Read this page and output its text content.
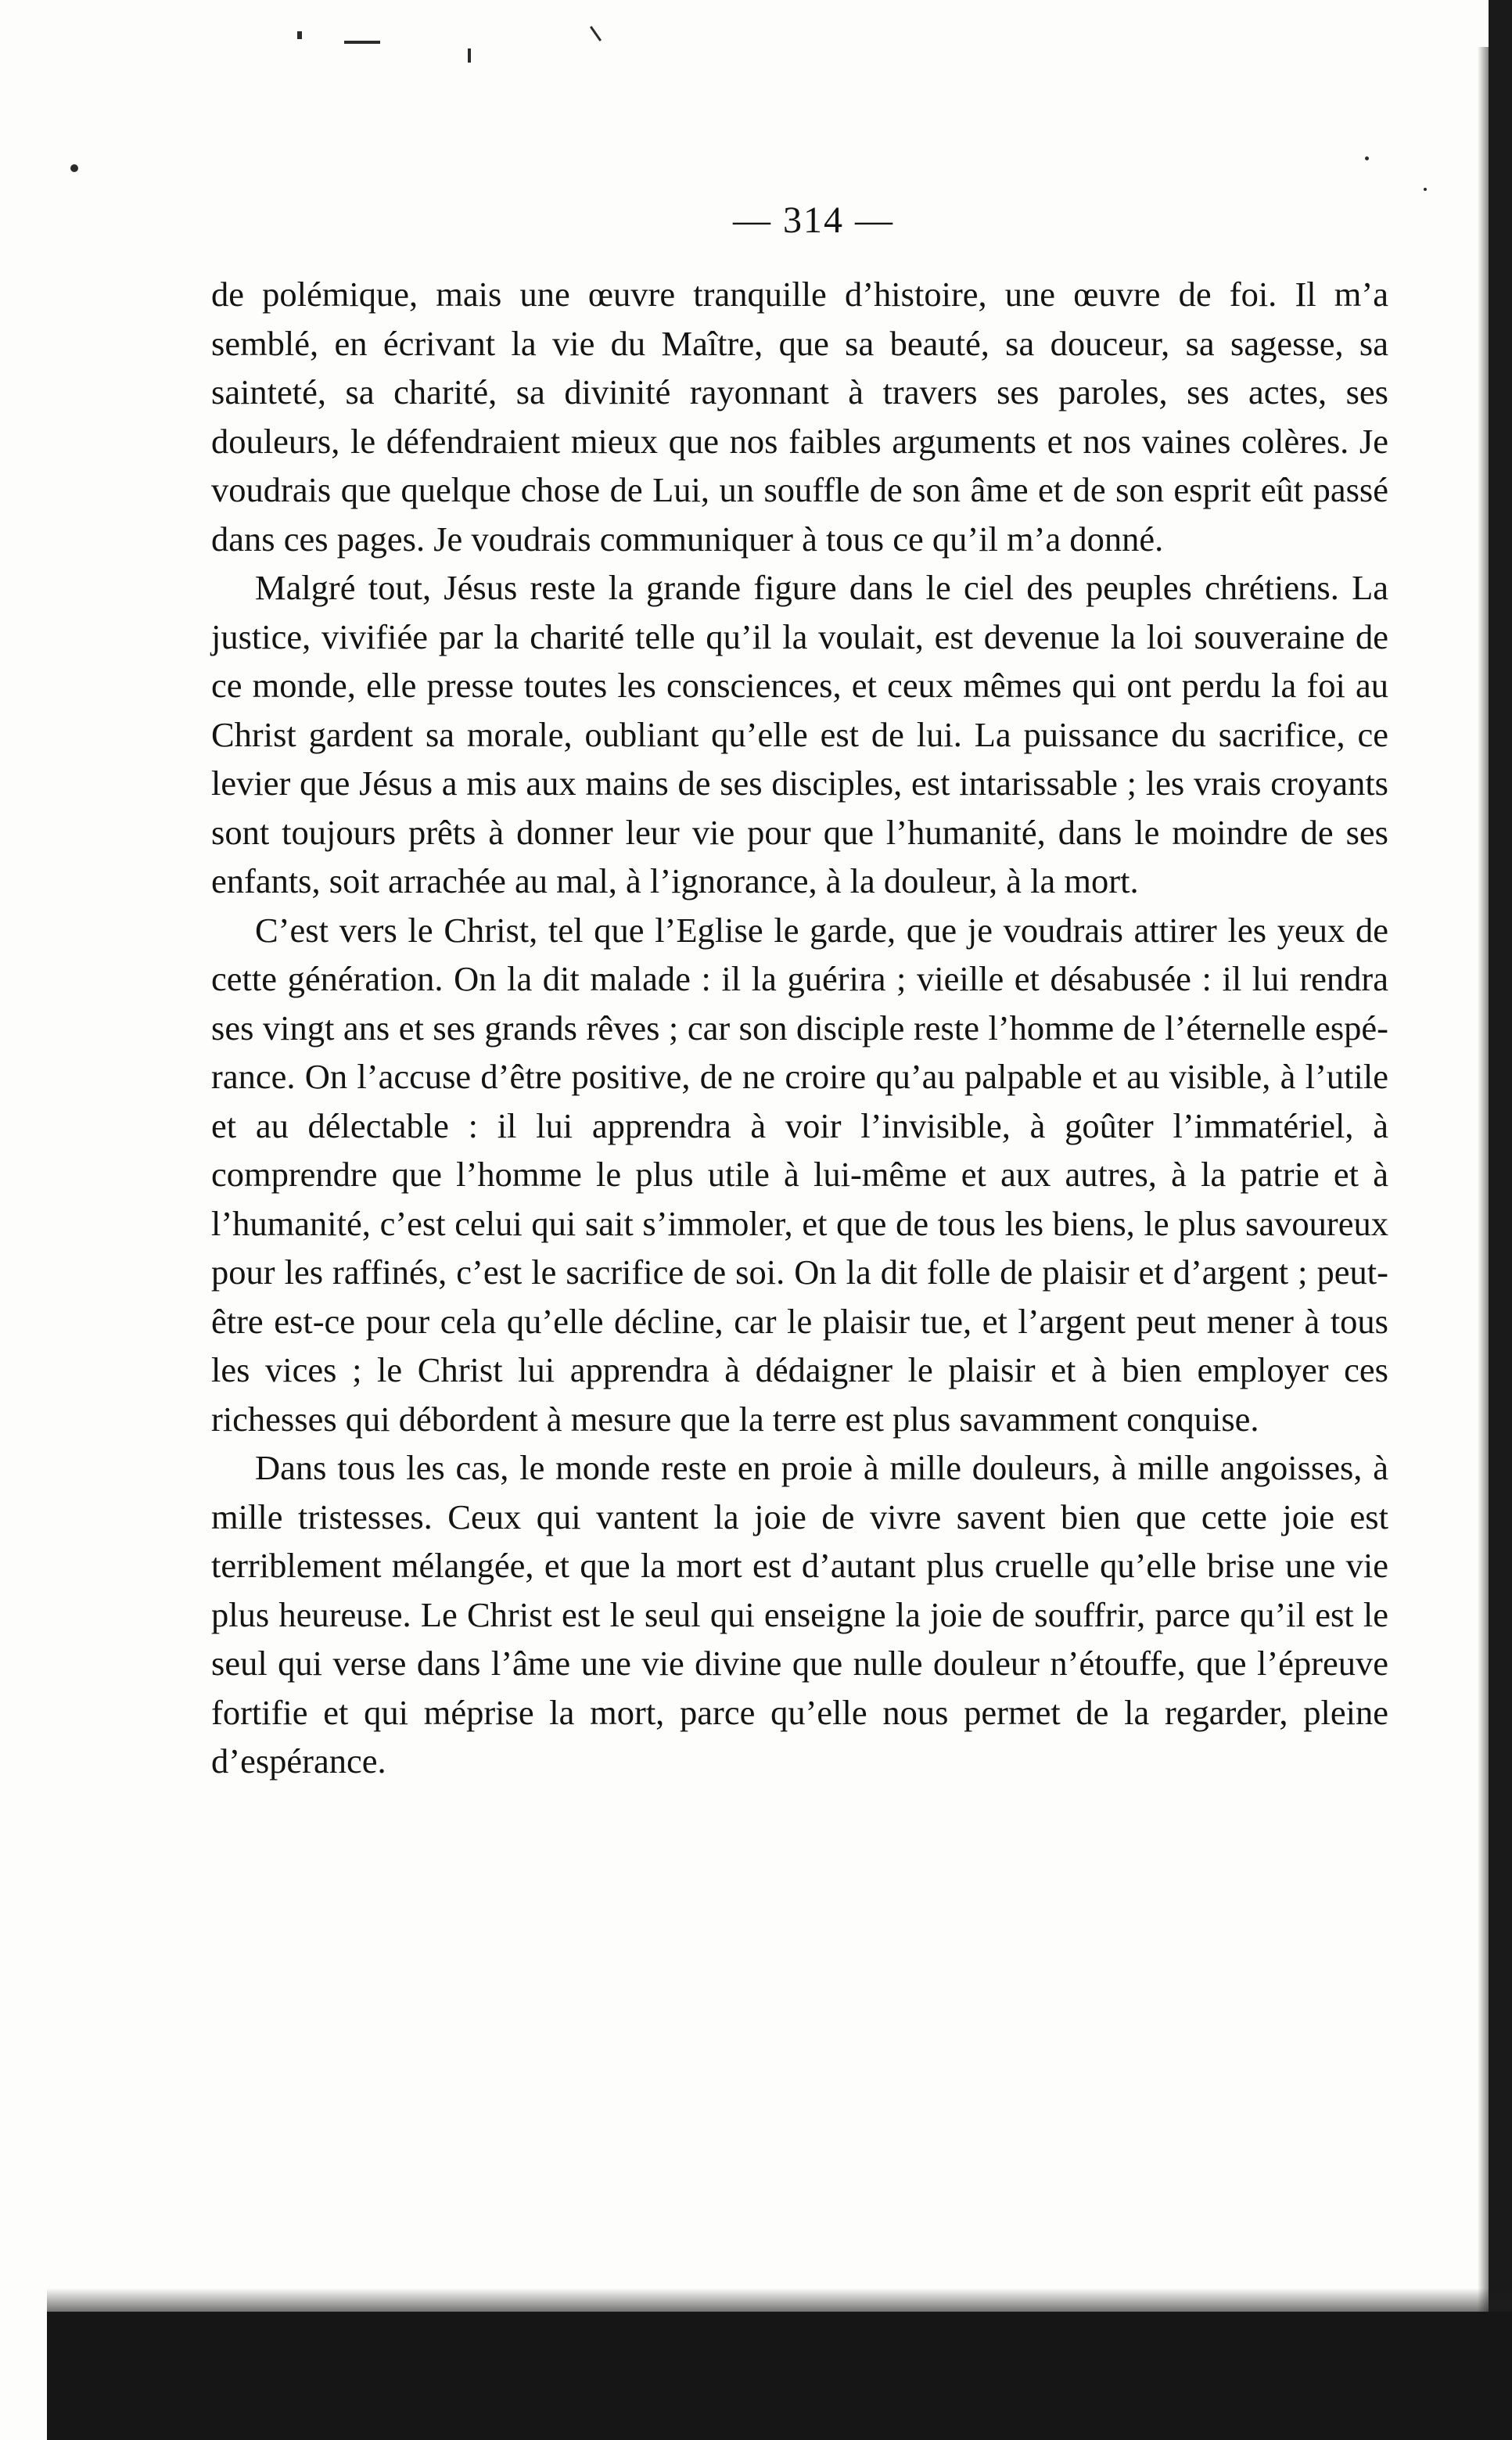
— 314 —

de polémique, mais une œuvre tranquille d’histoire, une œuvre de foi. Il m’a semblé, en écrivant la vie du Maître, que sa beauté, sa douceur, sa sagesse, sa sainteté, sa charité, sa divinité rayonnant à travers ses paroles, ses actes, ses douleurs, le défendraient mieux que nos faibles arguments et nos vaines colères. Je voudrais que quelque chose de Lui, un souffle de son âme et de son esprit eût passé dans ces pages. Je voudrais communiquer à tous ce qu’il m’a donné.

Malgré tout, Jésus reste la grande figure dans le ciel des peuples chrétiens. La justice, vivifiée par la charité telle qu’il la voulait, est devenue la loi souveraine de ce monde, elle presse toutes les consciences, et ceux mêmes qui ont perdu la foi au Christ gardent sa morale, oubliant qu’elle est de lui. La puissance du sacrifice, ce levier que Jésus a mis aux mains de ses disciples, est intarissable ; les vrais croyants sont toujours prêts à donner leur vie pour que l’humanité, dans le moindre de ses enfants, soit arrachée au mal, à l’ignorance, à la douleur, à la mort.

C’est vers le Christ, tel que l’Eglise le garde, que je voudrais attirer les yeux de cette génération. On la dit malade : il la guérira ; vieille et désabusée : il lui rendra ses vingt ans et ses grands rêves ; car son disciple reste l’homme de l’éternelle espérance. On l’accuse d’être positive, de ne croire qu’au palpable et au visible, à l’utile et au délectable : il lui apprendra à voir l’invisible, à goûter l’immatériel, à comprendre que l’homme le plus utile à lui-même et aux autres, à la patrie et à l’humanité, c’est celui qui sait s’immoler, et que de tous les biens, le plus savoureux pour les raffinés, c’est le sacrifice de soi. On la dit folle de plaisir et d’argent ; peut-être est-ce pour cela qu’elle décline, car le plaisir tue, et l’argent peut mener à tous les vices ; le Christ lui apprendra à dédaigner le plaisir et à bien employer ces richesses qui débordent à mesure que la terre est plus savamment conquise.

Dans tous les cas, le monde reste en proie à mille douleurs, à mille angoisses, à mille tristesses. Ceux qui vantent la joie de vivre savent bien que cette joie est terriblement mélangée, et que la mort est d’autant plus cruelle qu’elle brise une vie plus heureuse. Le Christ est le seul qui enseigne la joie de souffrir, parce qu’il est le seul qui verse dans l’âme une vie divine que nulle douleur n’étouffe, que l’épreuve fortifie et qui méprise la mort, parce qu’elle nous permet de la regarder, pleine d’espérance.
